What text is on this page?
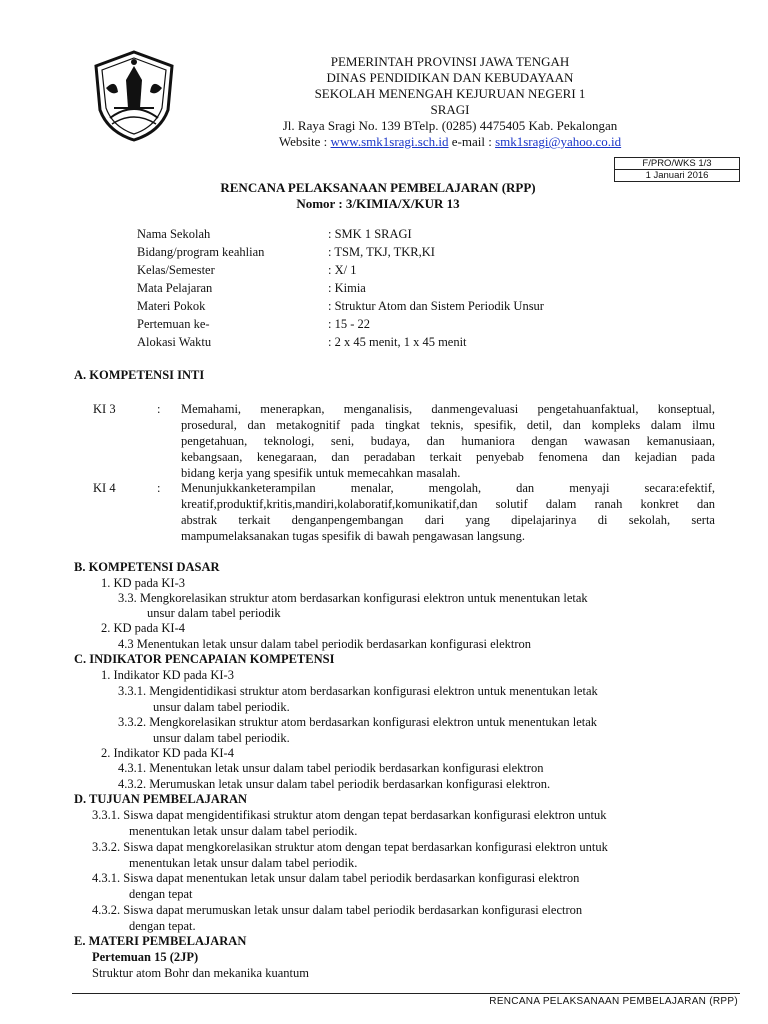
PEMERINTAH PROVINSI JAWA TENGAH
DINAS PENDIDIKAN DAN KEBUDAYAAN
SEKOLAH MENENGAH KEJURUAN NEGERI 1
SRAGI
Jl. Raya Sragi No. 139 BTelp. (0285) 4475405 Kab. Pekalongan
Website : www.smk1sragi.sch.id e-mail : smk1sragi@yahoo.co.id
F/PRO/WKS 1/3
1 Januari 2016
RENCANA PELAKSANAAN PEMBELAJARAN (RPP)
Nomor : 3/KIMIA/X/KUR 13
Nama Sekolah	: SMK 1 SRAGI
Bidang/program keahlian	: TSM, TKJ, TKR,KI
Kelas/Semester	: X/ 1
Mata Pelajaran	: Kimia
Materi Pokok	: Struktur Atom dan Sistem Periodik Unsur
Pertemuan ke-	: 15 - 22
Alokasi Waktu	: 2 x 45 menit, 1 x 45 menit
A. KOMPETENSI INTI
KI 3	: Memahami, menerapkan, menganalisis, danmengevaluasi pengetahuanfaktual, konseptual,
prosedural, dan metakognitif pada tingkat teknis, spesifik, detil, dan kompleks dalam ilmu
pengetahuan, teknologi, seni, budaya, dan humaniora dengan wawasan kemanusiaan,
kebangsaan, kenegaraan, dan peradaban terkait penyebab fenomena dan kejadian pada
bidang kerja yang spesifik untuk memecahkan masalah.
KI 4	: Menunjukkanketerampilan menalar, mengolah, dan menyaji secara:efektif,
kreatif,produktif,kritis,mandiri,kolaboratif,komunikatif,dan solutif dalam ranah konkret dan
abstrak terkait denganpengembangan dari yang dipelajarinya di sekolah, serta
mampumelaksanakan tugas spesifik di bawah pengawasan langsung.
B. KOMPETENSI DASAR
1. KD pada KI-3
3.3. Mengkorelasikan struktur atom berdasarkan konfigurasi elektron untuk menentukan letak
unsur dalam tabel periodik
2. KD pada KI-4
4.3 Menentukan letak unsur dalam tabel periodik berdasarkan konfigurasi elektron
C. INDIKATOR PENCAPAIAN KOMPETENSI
1. Indikator KD pada KI-3
3.3.1. Mengidentidikasi struktur atom berdasarkan konfigurasi elektron untuk menentukan letak
unsur dalam tabel periodik.
3.3.2. Mengkorelasikan struktur atom berdasarkan konfigurasi elektron untuk menentukan letak
unsur dalam tabel periodik.
2. Indikator KD pada KI-4
4.3.1. Menentukan letak unsur dalam tabel periodik berdasarkan konfigurasi elektron
4.3.2. Merumuskan letak unsur dalam tabel periodik berdasarkan konfigurasi elektron.
D. TUJUAN PEMBELAJARAN
3.3.1. Siswa dapat mengidentifikasi struktur atom dengan tepat berdasarkan konfigurasi elektron untuk
menentukan letak unsur dalam tabel periodik.
3.3.2. Siswa dapat mengkorelasikan struktur atom dengan tepat berdasarkan konfigurasi elektron untuk
menentukan letak unsur dalam tabel periodik.
4.3.1. Siswa dapat menentukan letak unsur dalam tabel periodik berdasarkan konfigurasi elektron
dengan tepat
4.3.2. Siswa dapat merumuskan letak unsur dalam tabel periodik berdasarkan konfigurasi electron
dengan tepat.
E. MATERI PEMBELAJARAN
Pertemuan 15 (2JP)
Struktur atom Bohr dan mekanika kuantum
RENCANA PELAKSANAAN PEMBELAJARAN (RPP)
